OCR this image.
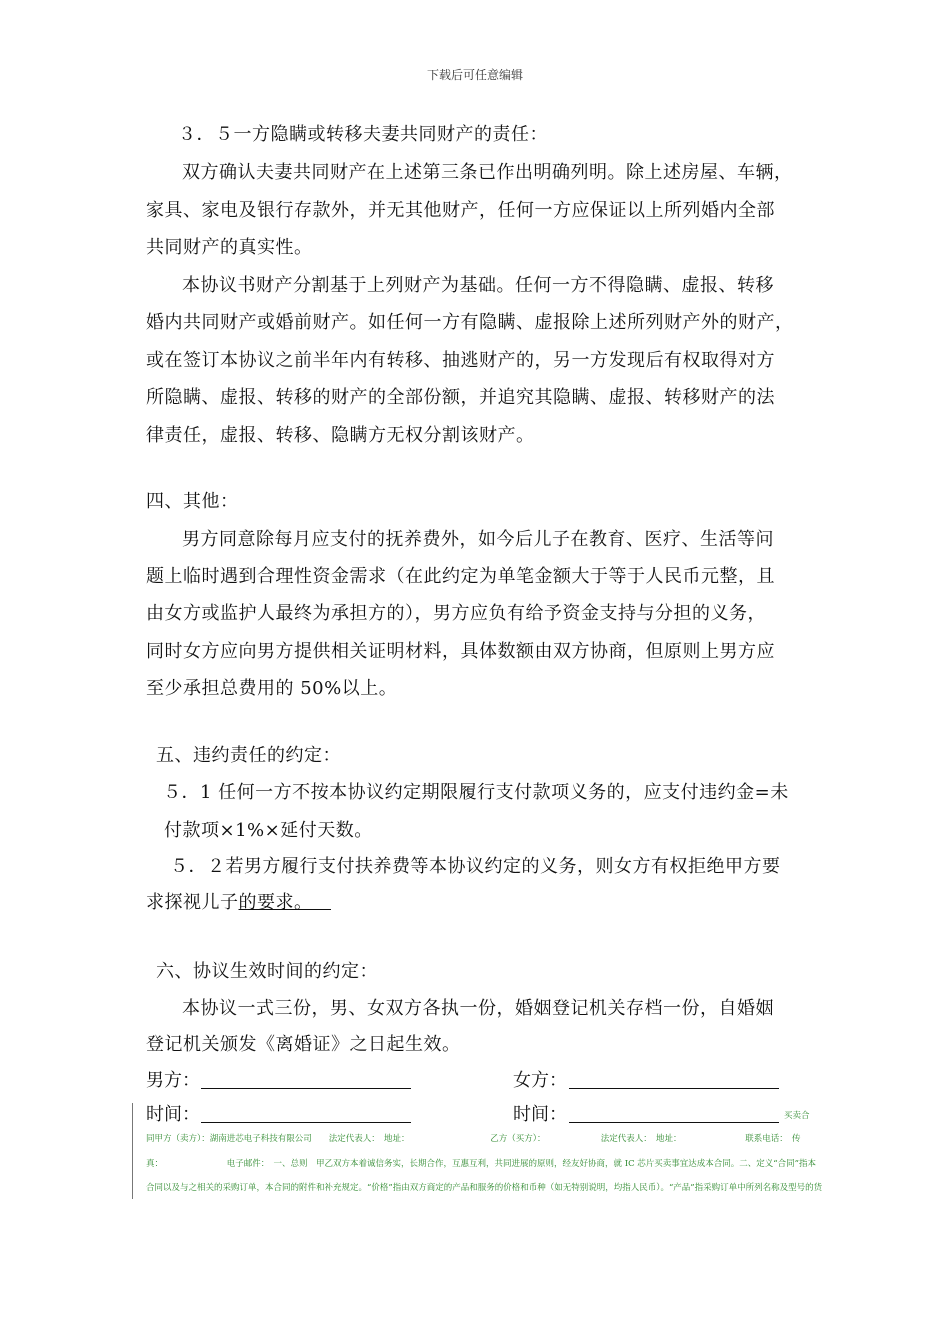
下载后可任意编辑
３．５一方隐瞒或转移夫妻共同财产的责任：
双方确认夫妻共同财产在上述第三条已作出明确列明。除上述房屋、车辆，
家具、家电及银行存款外，并无其他财产，任何一方应保证以上所列婚内全部
共同财产的真实性。
本协议书财产分割基于上列财产为基础。任何一方不得隐瞒、虚报、转移
婚内共同财产或婚前财产。如任何一方有隐瞒、虚报除上述所列财产外的财产，
或在签订本协议之前半年内有转移、抽逃财产的，另一方发现后有权取得对方
所隐瞒、虚报、转移的财产的全部份额，并追究其隐瞒、虚报、转移财产的法
律责任，虚报、转移、隐瞒方无权分割该财产。
四、其他：
男方同意除每月应支付的抚养费外，如今后儿子在教育、医疗、生活等问
题上临时遇到合理性资金需求（在此约定为单笔金额大于等于人民币元整，且
由女方或监护人最终为承担方的），男方应负有给予资金支持与分担的义务，
同时女方应向男方提供相关证明材料，具体数额由双方协商，但原则上男方应
至少承担总费用的 50%以上。
五、违约责任的约定：
５．1 任何一方不按本协议约定期限履行支付款项义务的，应支付违约金=未
付款项×1%×延付天数。
５．２若男方履行支付扶养费等本协议约定的义务，则女方有权拒绝甲方要
求探视儿子的要求。 
六、协议生效时间的约定：
本协议一式三份，男、女双方各执一份，婚姻登记机关存档一份，自婚姻
登记机关颁发《离婚证》之日起生效。
男方：	女方：
时间：	时间：	买卖合
同甲方（卖方）：湖南进芯电子科技有限公司　　法定代表人：　地址：　　　　　　　　　　乙方（买方）：　　　　　　　法定代表人：　地址：　　　　　　　　联系电话：　传
真：　　　　　　　　电子邮件：　一、总则　甲乙双方本着诚信务实，长期合作，互惠互利，共同进展的原则，经友好协商，就 IC 芯片买卖事宜达成本合同。二、定义“合同”指本
合同以及与之相关的采购订单，本合同的附件和补充规定。“价格”指由双方商定的产品和服务的价格和币种（如无特别说明，均指人民币）。“产品”指采购订单中所列名称及型号的货
